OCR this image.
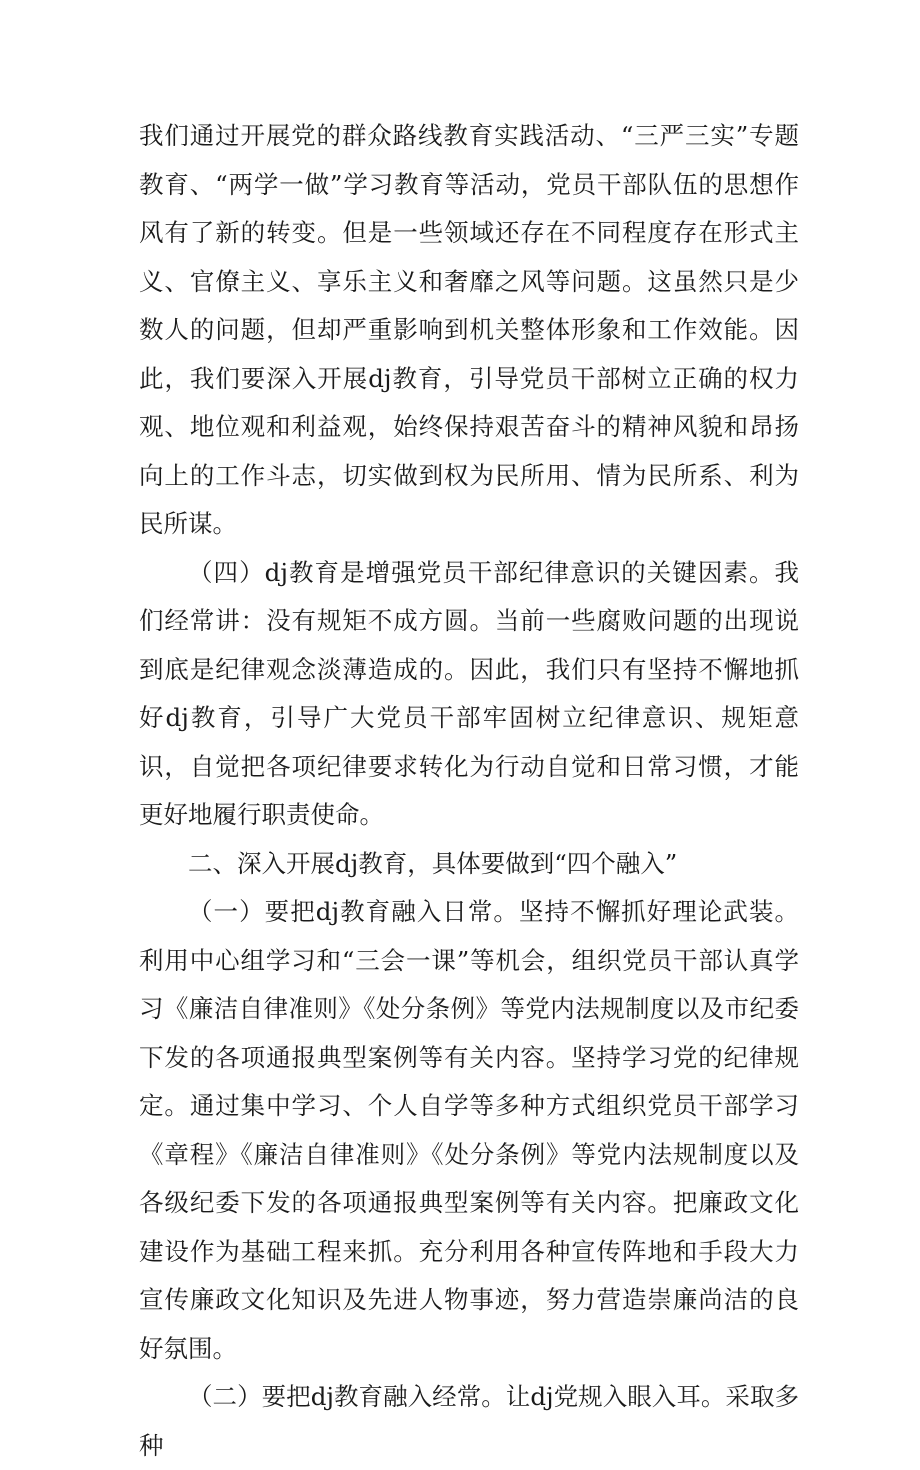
我们通过开展党的群众路线教育实践活动、“三严三实”专题教育、“两学一做”学习教育等活动，党员干部队伍的思想作风有了新的转变。但是一些领域还存在不同程度存在形式主义、官僚主义、享乐主义和奢靡之风等问题。这虽然只是少数人的问题，但却严重影响到机关整体形象和工作效能。因此，我们要深入开展dj教育，引导党员干部树立正确的权力观、地位观和利益观，始终保持艰苦奋斗的精神风貌和昂扬向上的工作斗志，切实做到权为民所用、情为民所系、利为民所谋。

（四）dj教育是增强党员干部纪律意识的关键因素。我们经常讲：没有规矩不成方圆。当前一些腐败问题的出现说到底是纪律观念淡薄造成的。因此，我们只有坚持不懈地抓好dj教育，引导广大党员干部牢固树立纪律意识、规矩意识，自觉把各项纪律要求转化为行动自觉和日常习惯，才能更好地履行职责使命。

二、深入开展dj教育，具体要做到“四个融入”

（一）要把dj教育融入日常。坚持不懈抓好理论武装。利用中心组学习和“三会一课”等机会，组织党员干部认真学习《廉洁自律准则》《处分条例》等党内法规制度以及市纪委下发的各项通报典型案例等有关内容。坚持学习党的纪律规定。通过集中学习、个人自学等多种方式组织党员干部学习《章程》《廉洁自律准则》《处分条例》等党内法规制度以及各级纪委下发的各项通报典型案例等有关内容。把廉政文化建设作为基础工程来抓。充分利用各种宣传阵地和手段大力宣传廉政文化知识及先进人物事迹，努力营造崇廉尚洁的良好氛围。

（二）要把dj教育融入经常。让dj党规入眼入耳。采取多种
